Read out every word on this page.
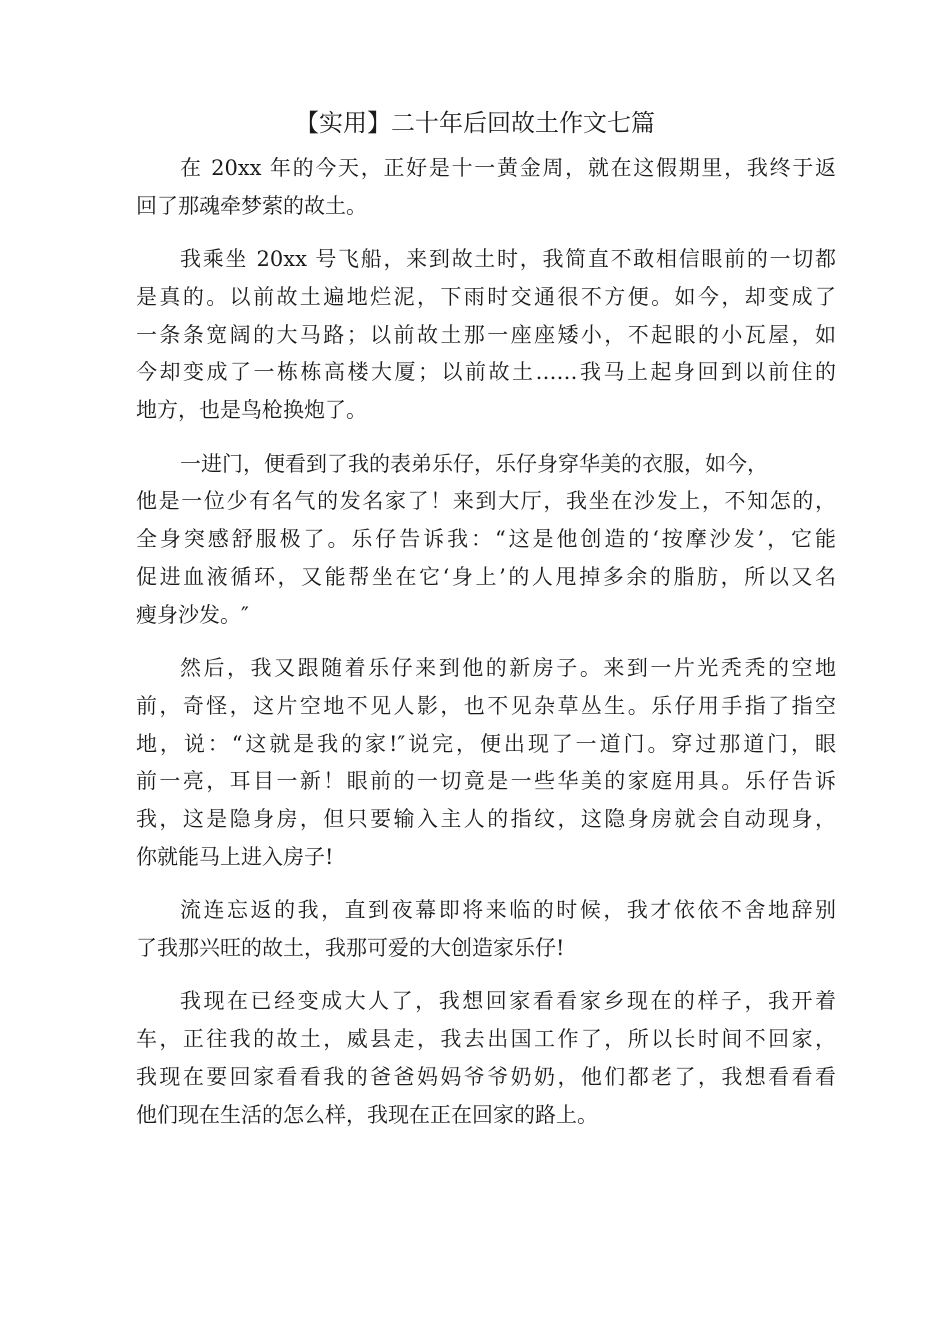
【实用】二十年后回故土作文七篇
在 20xx 年的今天，正好是十一黄金周，就在这假期里，我终于返
回了那魂牵梦萦的故土。
我乘坐 20xx 号飞船，来到故土时，我简直不敢相信眼前的一切都
是真的。以前故土遍地烂泥，下雨时交通很不方便。如今，却变成了
一条条宽阔的大马路；以前故土那一座座矮小，不起眼的小瓦屋，如
今却变成了一栋栋高楼大厦；以前故土……我马上起身回到以前住的
地方，也是鸟枪换炮了。
一进门，便看到了我的表弟乐仔，乐仔身穿华美的衣服，如今，
他是一位少有名气的发名家了！来到大厅，我坐在沙发上，不知怎的，
全身突感舒服极了。乐仔告诉我：“这是他创造的‘按摩沙发’，它能
促进血液循环，又能帮坐在它‘身上’的人甩掉多余的脂肪，所以又名
瘦身沙发。″
然后，我又跟随着乐仔来到他的新房子。来到一片光秃秃的空地
前，奇怪，这片空地不见人影，也不见杂草丛生。乐仔用手指了指空
地，说：“这就是我的家!″说完，便出现了一道门。穿过那道门，眼
前一亮，耳目一新！眼前的一切竟是一些华美的家庭用具。乐仔告诉
我，这是隐身房，但只要输入主人的指纹，这隐身房就会自动现身，
你就能马上进入房子!
流连忘返的我，直到夜幕即将来临的时候，我才依依不舍地辞别
了我那兴旺的故土，我那可爱的大创造家乐仔!
我现在已经变成大人了，我想回家看看家乡现在的样子，我开着
车，正往我的故土，威县走，我去出国工作了，所以长时间不回家，
我现在要回家看看我的爸爸妈妈爷爷奶奶，他们都老了，我想看看看
他们现在生活的怎么样，我现在正在回家的路上。
